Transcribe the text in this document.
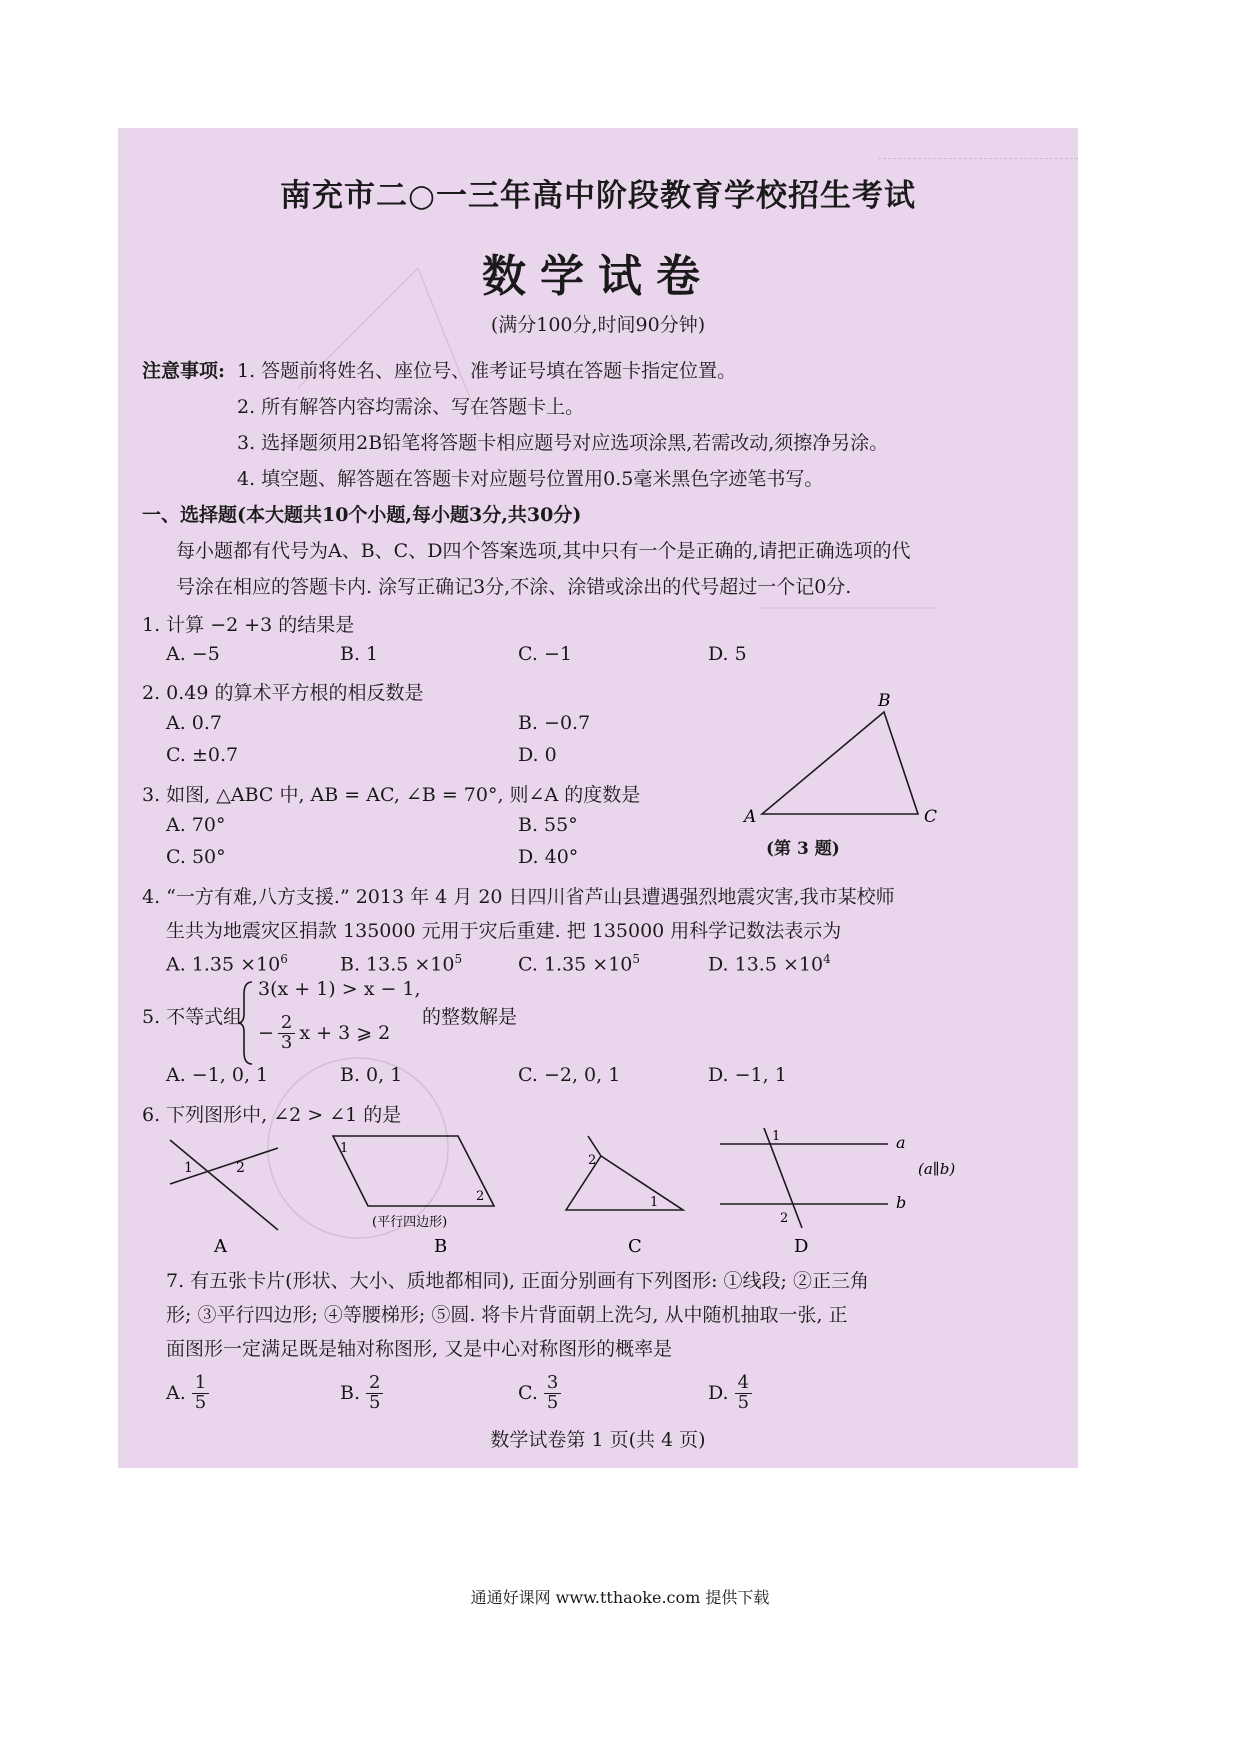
南充市二○一三年高中阶段教育学校招生考试
数学试卷
(满分100分,时间90分钟)
注意事项: 1. 答题前将姓名、座位号、准考证号填在答题卡指定位置。
2. 所有解答内容均需涂、写在答题卡上。
3. 选择题须用2B铅笔将答题卡相应题号对应选项涂黑,若需改动,须擦净另涂。
4. 填空题、解答题在答题卡对应题号位置用0.5毫米黑色字迹笔书写。
一、选择题(本大题共10个小题,每小题3分,共30分)
每小题都有代号为A、B、C、D四个答案选项,其中只有一个是正确的,请把正确选项的代
号涂在相应的答题卡内. 涂写正确记3分,不涂、涂错或涂出的代号超过一个记0分.
1. 计算 −2 +3 的结果是
A. −5	B. 1	C. −1	D. 5
2. 0.49 的算术平方根的相反数是
A. 0.7	B. −0.7
C. ±0.7	D. 0
3. 如图, △ABC 中, AB = AC, ∠B = 70°, 则∠A 的度数是
A. 70°	B. 55°
C. 50°	D. 40°
A
B
C
(第 3 题)
4. “一方有难,八方支援.” 2013 年 4 月 20 日四川省芦山县遭遇强烈地震灾害,我市某校师
生共为地震灾区捐款 135000 元用于灾后重建. 把 135000 用科学记数法表示为
A. $1.35 \times 10^6$	B. $13.5 \times 10^5$	C. $1.35 \times 10^5$	D. $13.5 \times 10^4$
5. 不等式组
3(x + 1) > x − 1,
− $\frac{2}{3}$ x + 3 ⩾ 2
的整数解是
A. −1, 0, 1	B. 0, 1	C. −2, 0, 1	D. −1, 1
6. 下列图形中, ∠2 > ∠1 的是
1	2
A
1
2
(平行四边形)
B
2
1
C
1
2
a
b
(a∥b)
D
7. 有五张卡片(形状、大小、质地都相同), 正面分别画有下列图形: ①线段; ②正三角
形; ③平行四边形; ④等腰梯形; ⑤圆. 将卡片背面朝上洗匀, 从中随机抽取一张, 正
面图形一定满足既是轴对称图形, 又是中心对称图形的概率是
A. $\frac{1}{5}$	B. $\frac{2}{5}$	C. $\frac{3}{5}$	D. $\frac{4}{5}$
数学试卷第 1 页(共 4 页)
通通好课网 www.tthaoke.com 提供下载
